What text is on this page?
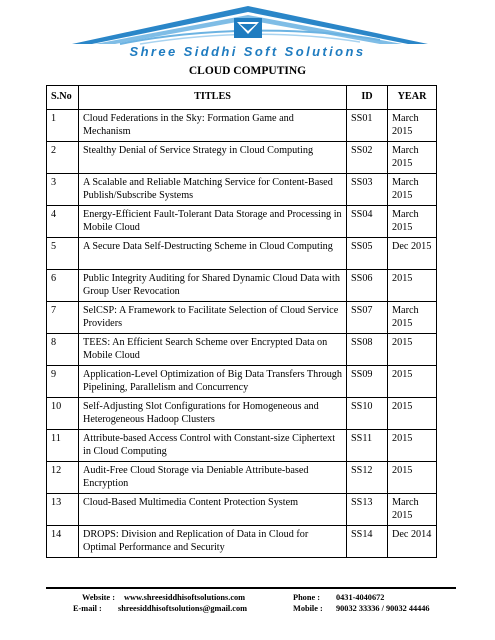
Shree Siddhi Soft Solutions
CLOUD COMPUTING
S.No	TITLES	ID	YEAR
1	Cloud Federations in the Sky: Formation Game and Mechanism	SS01	March 2015
2	Stealthy Denial of Service Strategy in Cloud Computing	SS02	March 2015
3	A Scalable and Reliable Matching Service for Content-Based Publish/Subscribe Systems	SS03	March 2015
4	Energy-Efficient Fault-Tolerant Data Storage and Processing in Mobile Cloud	SS04	March 2015
5	A Secure Data Self-Destructing Scheme in Cloud Computing	SS05	Dec 2015
6	Public Integrity Auditing for Shared Dynamic Cloud Data with Group User Revocation	SS06	2015
7	SelCSP: A Framework to Facilitate Selection of Cloud Service Providers	SS07	March 2015
8	TEES: An Efficient Search Scheme over Encrypted Data on Mobile Cloud	SS08	2015
9	Application-Level Optimization of Big Data Transfers Through Pipelining, Parallelism and Concurrency	SS09	2015
10	Self-Adjusting Slot Configurations for Homogeneous and Heterogeneous Hadoop Clusters	SS10	2015
11	Attribute-based Access Control with Constant-size Ciphertext in Cloud Computing	SS11	2015
12	Audit-Free Cloud Storage via Deniable Attribute-based Encryption	SS12	2015
13	Cloud-Based Multimedia Content Protection System	SS13	March 2015
14	DROPS: Division and Replication of Data in Cloud for Optimal Performance and Security	SS14	Dec 2014
Website : www.shreesiddhisoftsolutions.com	Phone : 0431-4040672
E-mail : shreesiddhisoftsolutions@gmail.com	Mobile : 90032 33336 / 90032 44446
